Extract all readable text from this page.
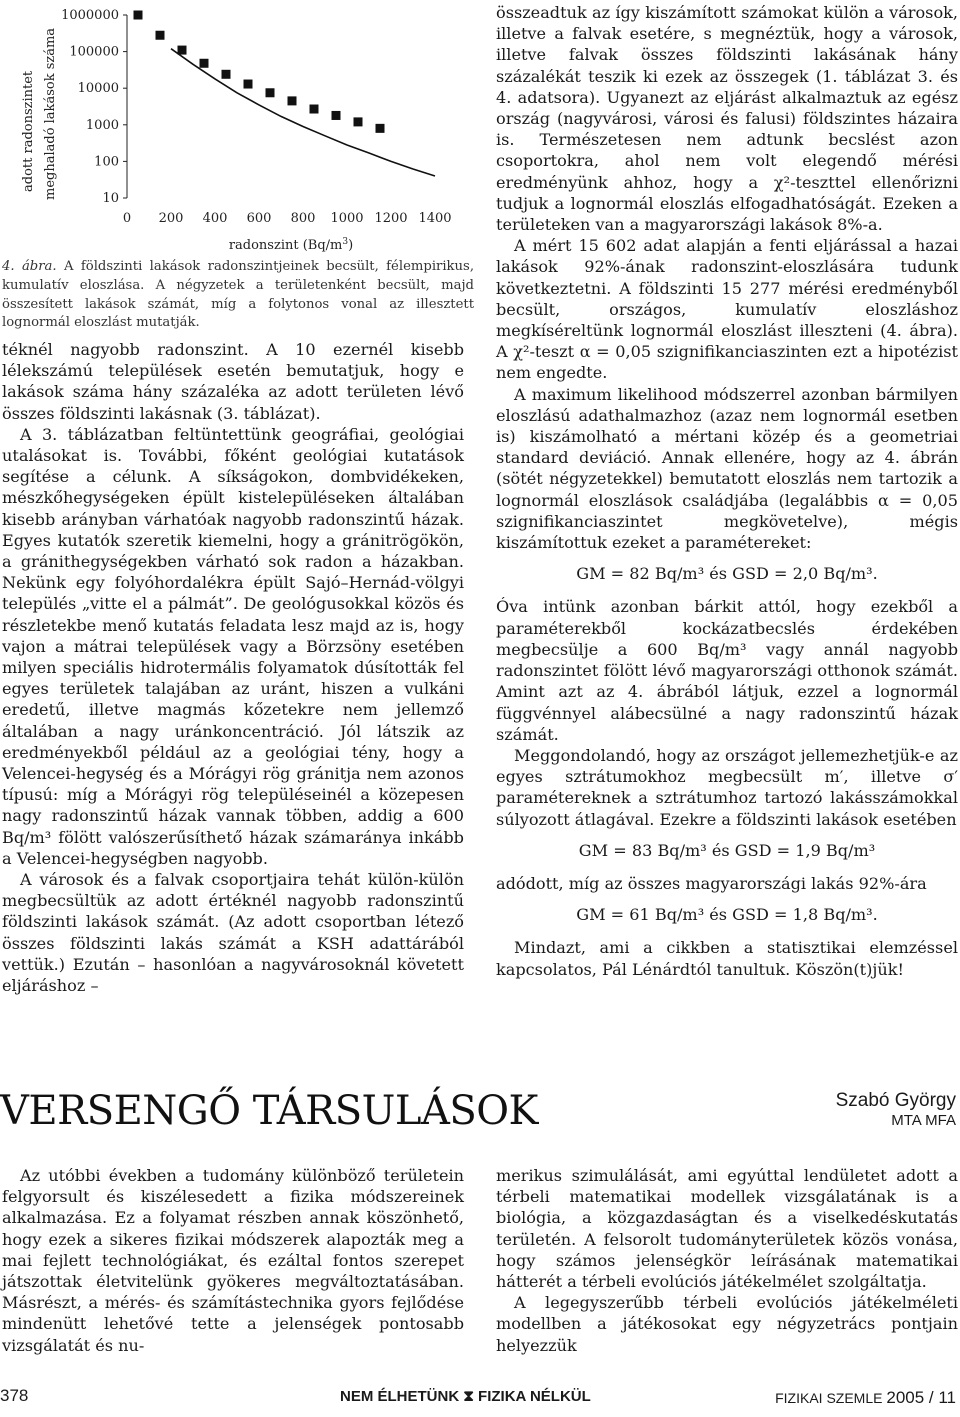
adott radonszintet meghaladó lakások száma
1000000
100000
10000
1000
100
10
0 200 400 600 800 1000 1200 1400
radonszint $(Bq/m^3)$
4. ábra. A földszinti lakások radonszintjeinek becsült, félempirikus, kumulatív eloszlása. A négyzetek a területenként becsült, majd összesített lakások számát, míg a folytonos vonal az illesztett lognormál eloszlást mutatják.

téknél nagyobb radonszint. A 10 ezernél kisebb lélekszámú települések esetén bemutatjuk, hogy e lakások száma hány százaléka az adott területen lévő összes földszinti lakásnak (3. táblázat).

A 3. táblázatban feltüntettünk geográfiai, geológiai utalásokat is. További, főként geológiai kutatások segítése a célunk. A síkságokon, dombvidékeken, mészkőhegységeken épült kistelepüléseken általában kisebb arányban várhatóak nagyobb radonszintű házak. Egyes kutatók szeretik kiemelni, hogy a gránitrögökön, a gránithegységekben várható sok radon a házakban. Nekünk egy folyóhordalékra épült Sajó–Hernád-völgyi település „vitte el a pálmát”. De geológusokkal közös és részletekbe menő kutatás feladata lesz majd az is, hogy vajon a mátrai települések vagy a Börzsöny esetében milyen speciális hidrotermális folyamatok dúsították fel egyes területek talajában az uránt, hiszen a vulkáni eredetű, illetve magmás kőzetekre nem jellemző általában a nagy uránkoncentráció. Jól látszik az eredményekből például az a geológiai tény, hogy a Velencei-hegység és a Mórágyi rög gránitja nem azonos típusú: míg a Mórágyi rög településeinél a közepesen nagy radonszintű házak vannak többen, addig a 600 Bq/m³ fölött valószerűsíthető házak számaránya inkább a Velencei-hegységben nagyobb.

A városok és a falvak csoportjaira tehát külön-külön megbecsültük az adott értéknél nagyobb radonszintű földszinti lakások számát. (Az adott csoportban létező összes földszinti lakás számát a KSH adattárából vettük.) Ezután – hasonlóan a nagyvárosoknál követett eljáráshoz –

összeadtuk az így kiszámított számokat külön a városok, illetve a falvak esetére, s megnéztük, hogy a városok, illetve falvak összes földszinti lakásának hány százalékát teszik ki ezek az összegek (1. táblázat 3. és 4. adatsora). Ugyanezt az eljárást alkalmaztuk az egész ország (nagyvárosi, városi és falusi) földszintes házaira is. Természetesen nem adtunk becslést azon csoportokra, ahol nem volt elegendő mérési eredményünk ahhoz, hogy a χ²-teszttel ellenőrizni tudjuk a lognormál eloszlás elfogadhatóságát. Ezeken a területeken van a magyarországi lakások 8%-a.

A mért 15 602 adat alapján a fenti eljárással a hazai lakások 92%-ának radonszint-eloszlására tudunk következtetni. A földszinti 15 277 mérési eredményből becsült, országos, kumulatív eloszláshoz megkíséreltünk lognormál eloszlást illeszteni (4. ábra). A χ²-teszt α = 0,05 szignifikanciaszinten ezt a hipotézist nem engedte.

A maximum likelihood módszerrel azonban bármilyen eloszlású adathalmazhoz (azaz nem lognormál esetben is) kiszámolható a mértani közép és a geometriai standard deviáció. Annak ellenére, hogy az 4. ábrán (sötét négyzetekkel) bemutatott eloszlás nem tartozik a lognormál eloszlások családjába (legalábbis α = 0,05 szignifikanciaszintet megkövetelve), mégis kiszámítottuk ezeket a paramétereket:

GM = 82 Bq/m³ és GSD = 2,0 Bq/m³.

Óva intünk azonban bárkit attól, hogy ezekből a paraméterekből kockázatbecslés érdekében megbecsülje a 600 Bq/m³ vagy annál nagyobb radonszintet fölött lévő magyarországi otthonok számát. Amint azt az 4. ábrából látjuk, ezzel a lognormál függvénnyel alábecsülné a nagy radonszintű házak számát.

Meggondolandó, hogy az országot jellemezhetjük-e az egyes sztrátumokhoz megbecsült m′, illetve σ′ paramétereknek a sztrátumhoz tartozó lakásszámokkal súlyozott átlagával. Ezekre a földszinti lakások esetében

GM = 83 Bq/m³ és GSD = 1,9 Bq/m³

adódott, míg az összes magyarországi lakás 92%-ára

GM = 61 Bq/m³ és GSD = 1,8 Bq/m³.

Mindazt, ami a cikkben a statisztikai elemzéssel kapcsolatos, Pál Lénárdtól tanultuk. Köszön(t)jük!

VERSENGŐ TÁRSULÁSOK	Szabó György
MTA MFA

Az utóbbi években a tudomány különböző területein felgyorsult és kiszélesedett a fizika módszereinek alkalmazása. Ez a folyamat részben annak köszönhető, hogy ezek a sikeres fizikai módszerek alapozták meg a mai fejlett technológiákat, és ezáltal fontos szerepet játszottak életvitelünk gyökeres megváltoztatásában. Másrészt, a mérés- és számítástechnika gyors fejlődése mindenütt lehetővé tette a jelenségek pontosabb vizsgálatát és nu-

merikus szimulálását, ami egyúttal lendületet adott a térbeli matematikai modellek vizsgálatának is a biológia, a közgazdaságtan és a viselkedéskutatás területén. A felsorolt tudományterületek közös vonása, hogy számos jelenségkör leírásának matematikai hátterét a térbeli evolúciós játékelmélet szolgáltatja.

A legegyszerűbb térbeli evolúciós játékelméleti modellben a játékosokat egy négyzetrács pontjain helyezzük

378	NEM ÉLHETÜNK ⧗ FIZIKA NÉLKÜL	FIZIKAI SZEMLE 2005 / 11
